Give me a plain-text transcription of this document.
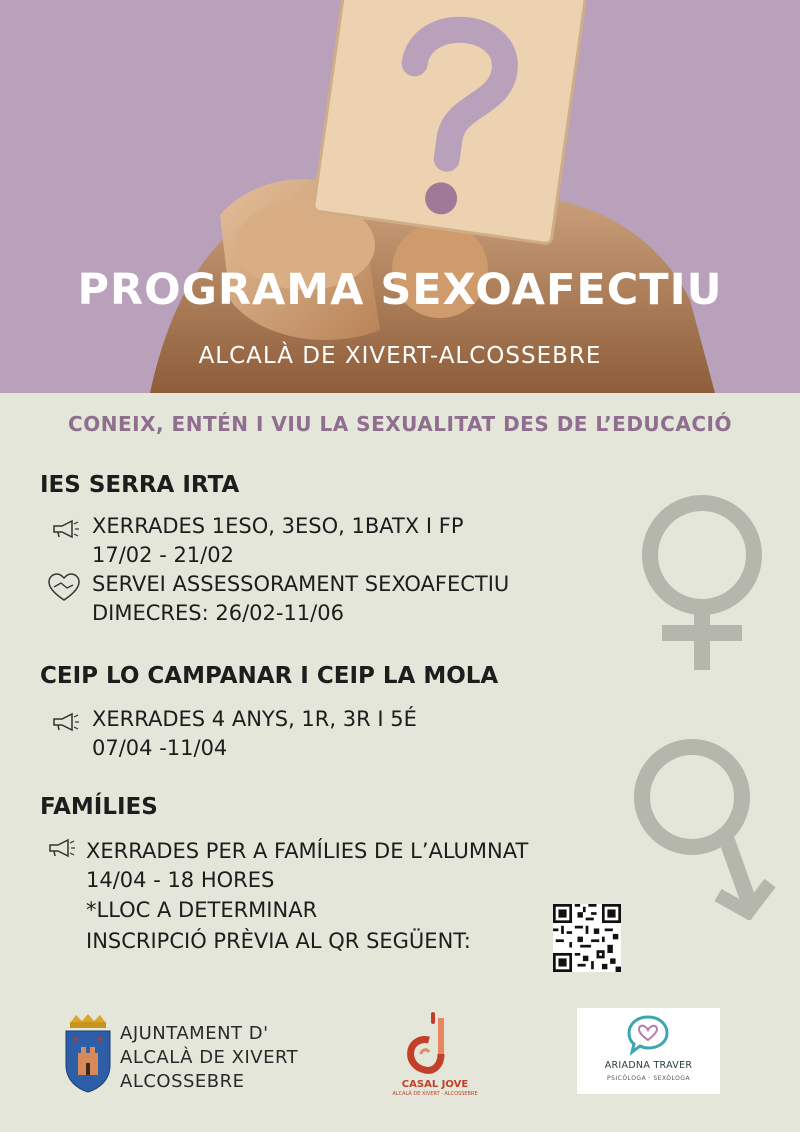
PROGRAMA SEXOAFECTIU
ALCALÀ DE XIVERT-ALCOSSEBRE
CONEIX, ENTÉN I VIU LA SEXUALITAT DES DE L’EDUCACIÓ
IES SERRA IRTA
XERRADES 1ESO, 3ESO, 1BATX I FP
17/02 - 21/02
SERVEI ASSESSORAMENT SEXOAFECTIU
DIMECRES: 26/02-11/06
CEIP LO CAMPANAR I CEIP LA MOLA
XERRADES 4 ANYS, 1R, 3R I 5É
07/04 -11/04
FAMÍLIES
XERRADES PER A FAMÍLIES DE L’ALUMNAT
14/04 - 18 HORES
*LLOC A DETERMINAR
INSCRIPCIÓ PRÈVIA AL QR SEGÜENT:
AJUNTAMENT D'
ALCALÀ DE XIVERT
ALCOSSEBRE	CASAL JOVE
ALCALÀ DE XIVERT · ALCOSSEBRE
ARIADNA TRAVER
PSICÒLOGA · SEXÒLOGA
